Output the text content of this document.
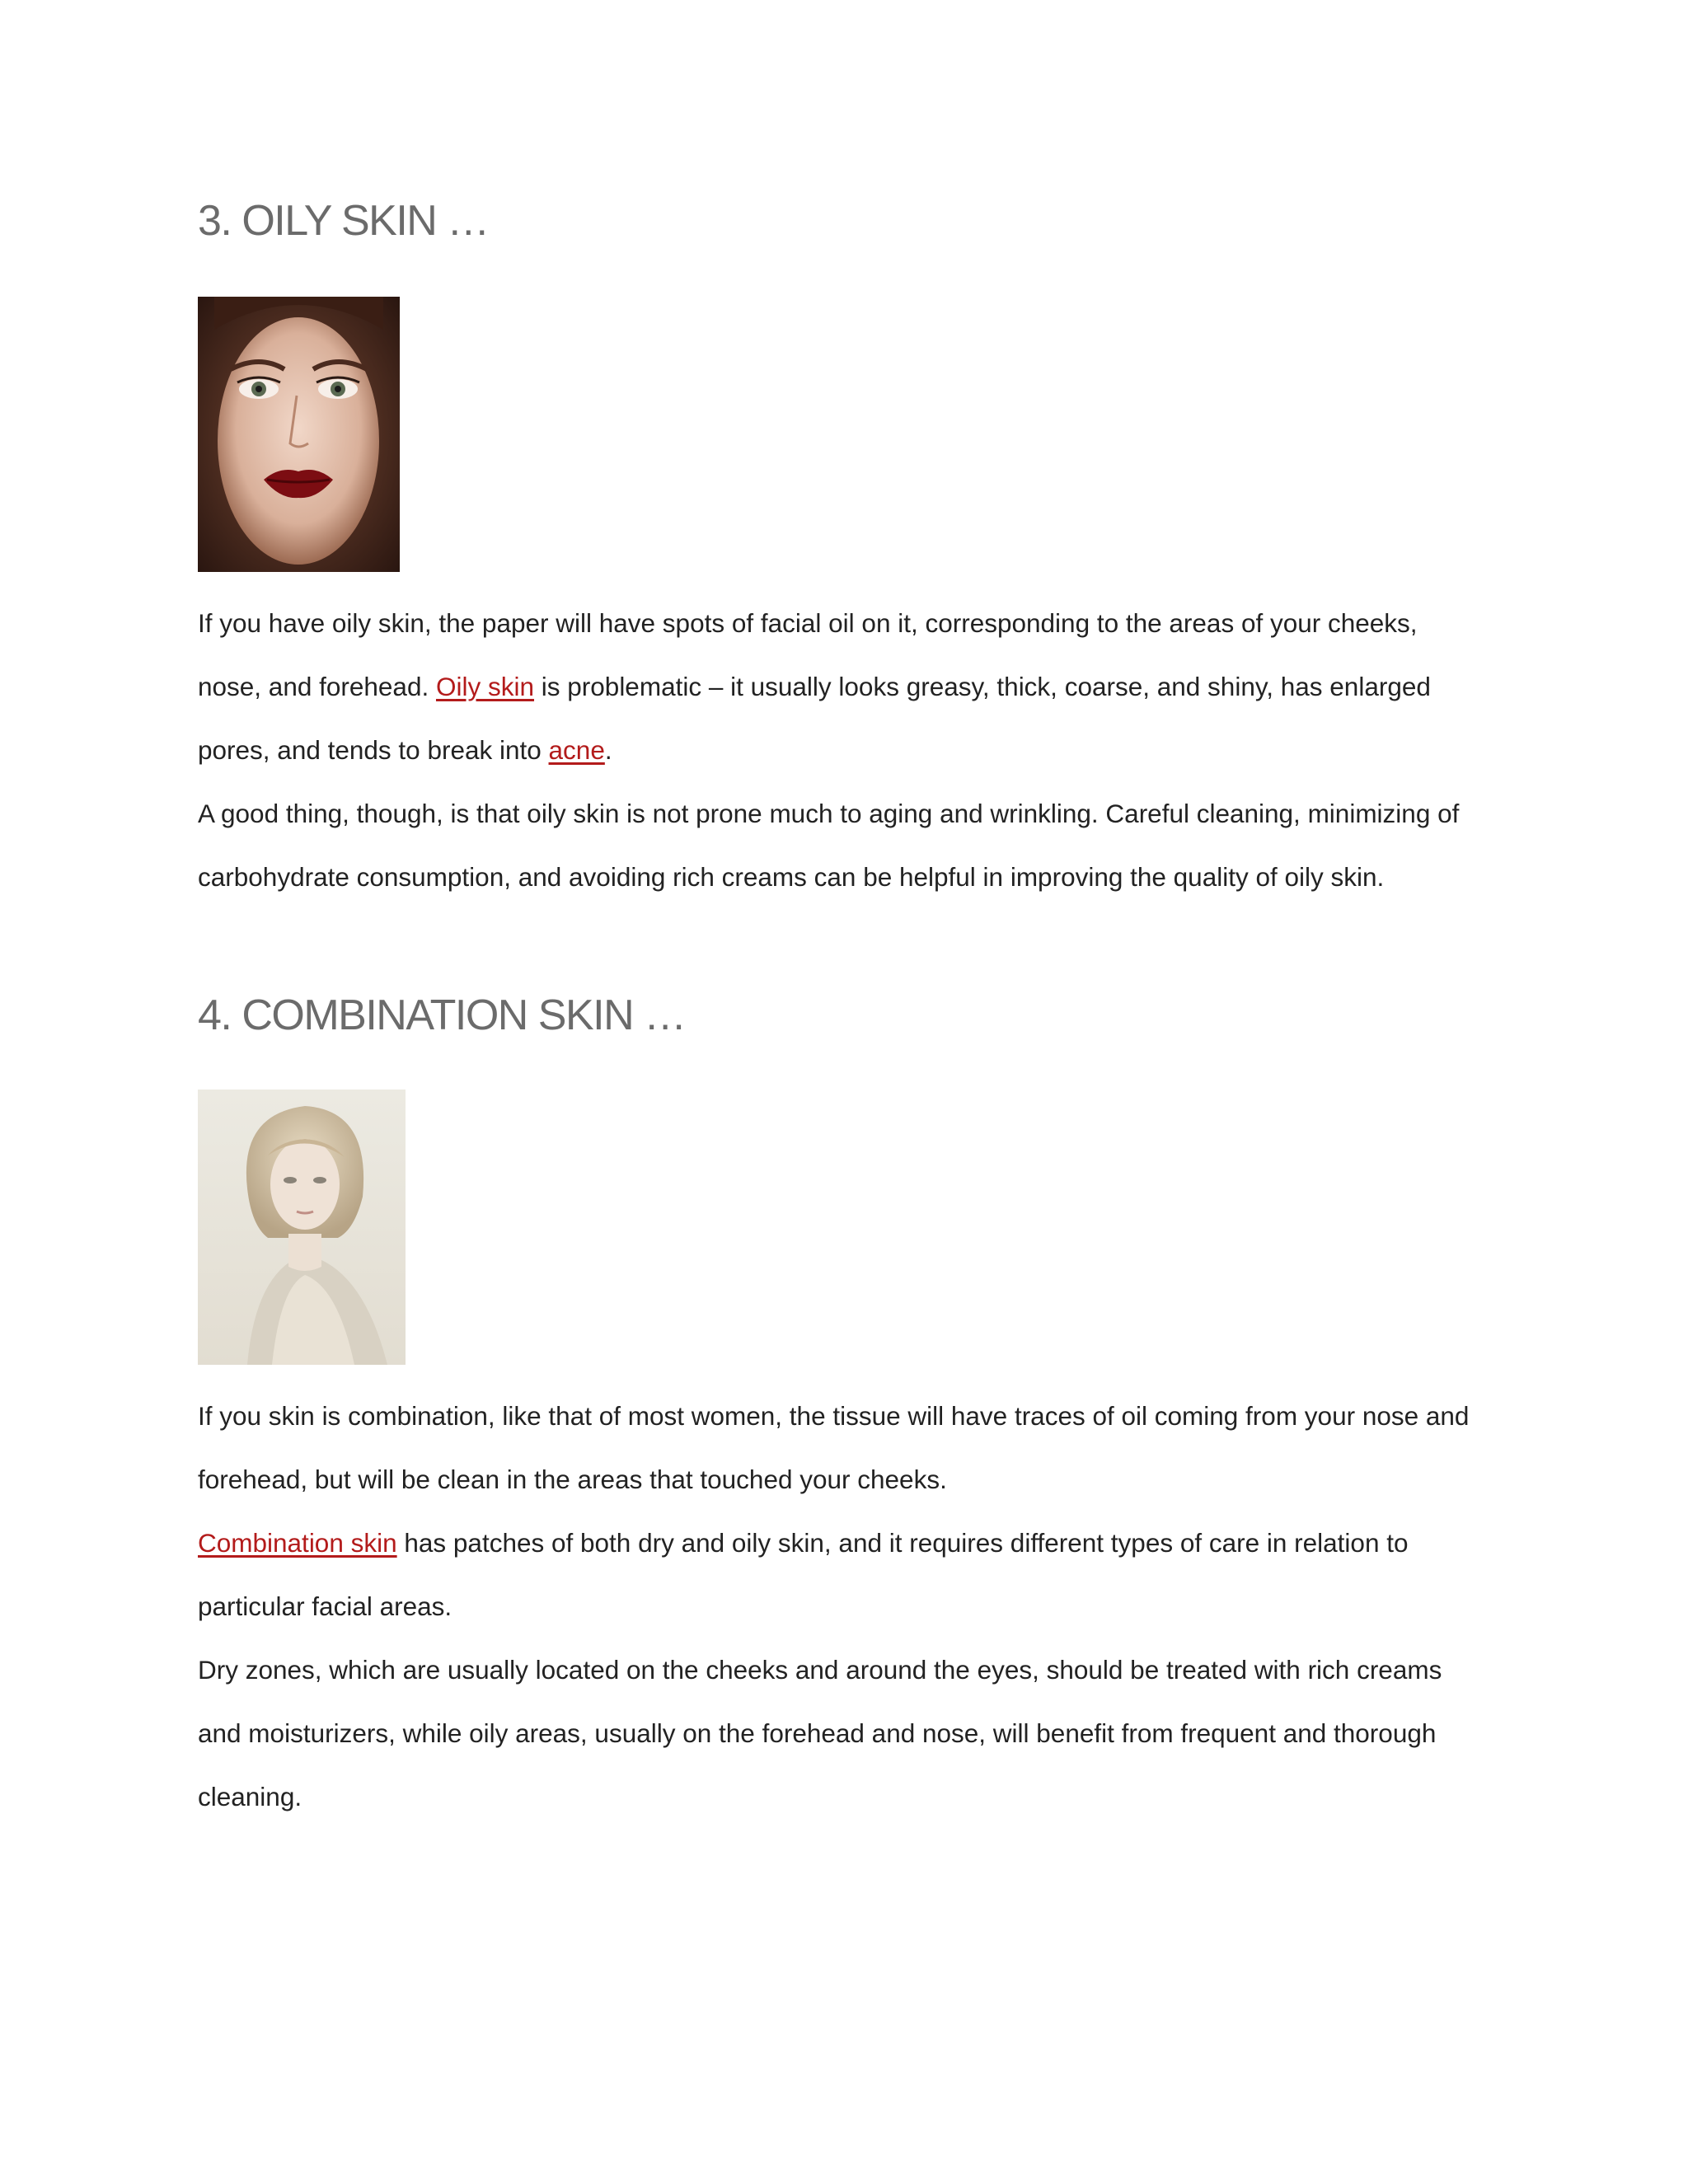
3. OILY SKIN …

If you have oily skin, the paper will have spots of facial oil on it, corresponding to the areas of your cheeks, nose, and forehead. Oily skin is problematic – it usually looks greasy, thick, coarse, and shiny, has enlarged pores, and tends to break into acne.

A good thing, though, is that oily skin is not prone much to aging and wrinkling. Careful cleaning, minimizing of carbohydrate consumption, and avoiding rich creams can be helpful in improving the quality of oily skin.

4. COMBINATION SKIN …

If you skin is combination, like that of most women, the tissue will have traces of oil coming from your nose and forehead, but will be clean in the areas that touched your cheeks.

Combination skin has patches of both dry and oily skin, and it requires different types of care in relation to particular facial areas.

Dry zones, which are usually located on the cheeks and around the eyes, should be treated with rich creams and moisturizers, while oily areas, usually on the forehead and nose, will benefit from frequent and thorough cleaning.
